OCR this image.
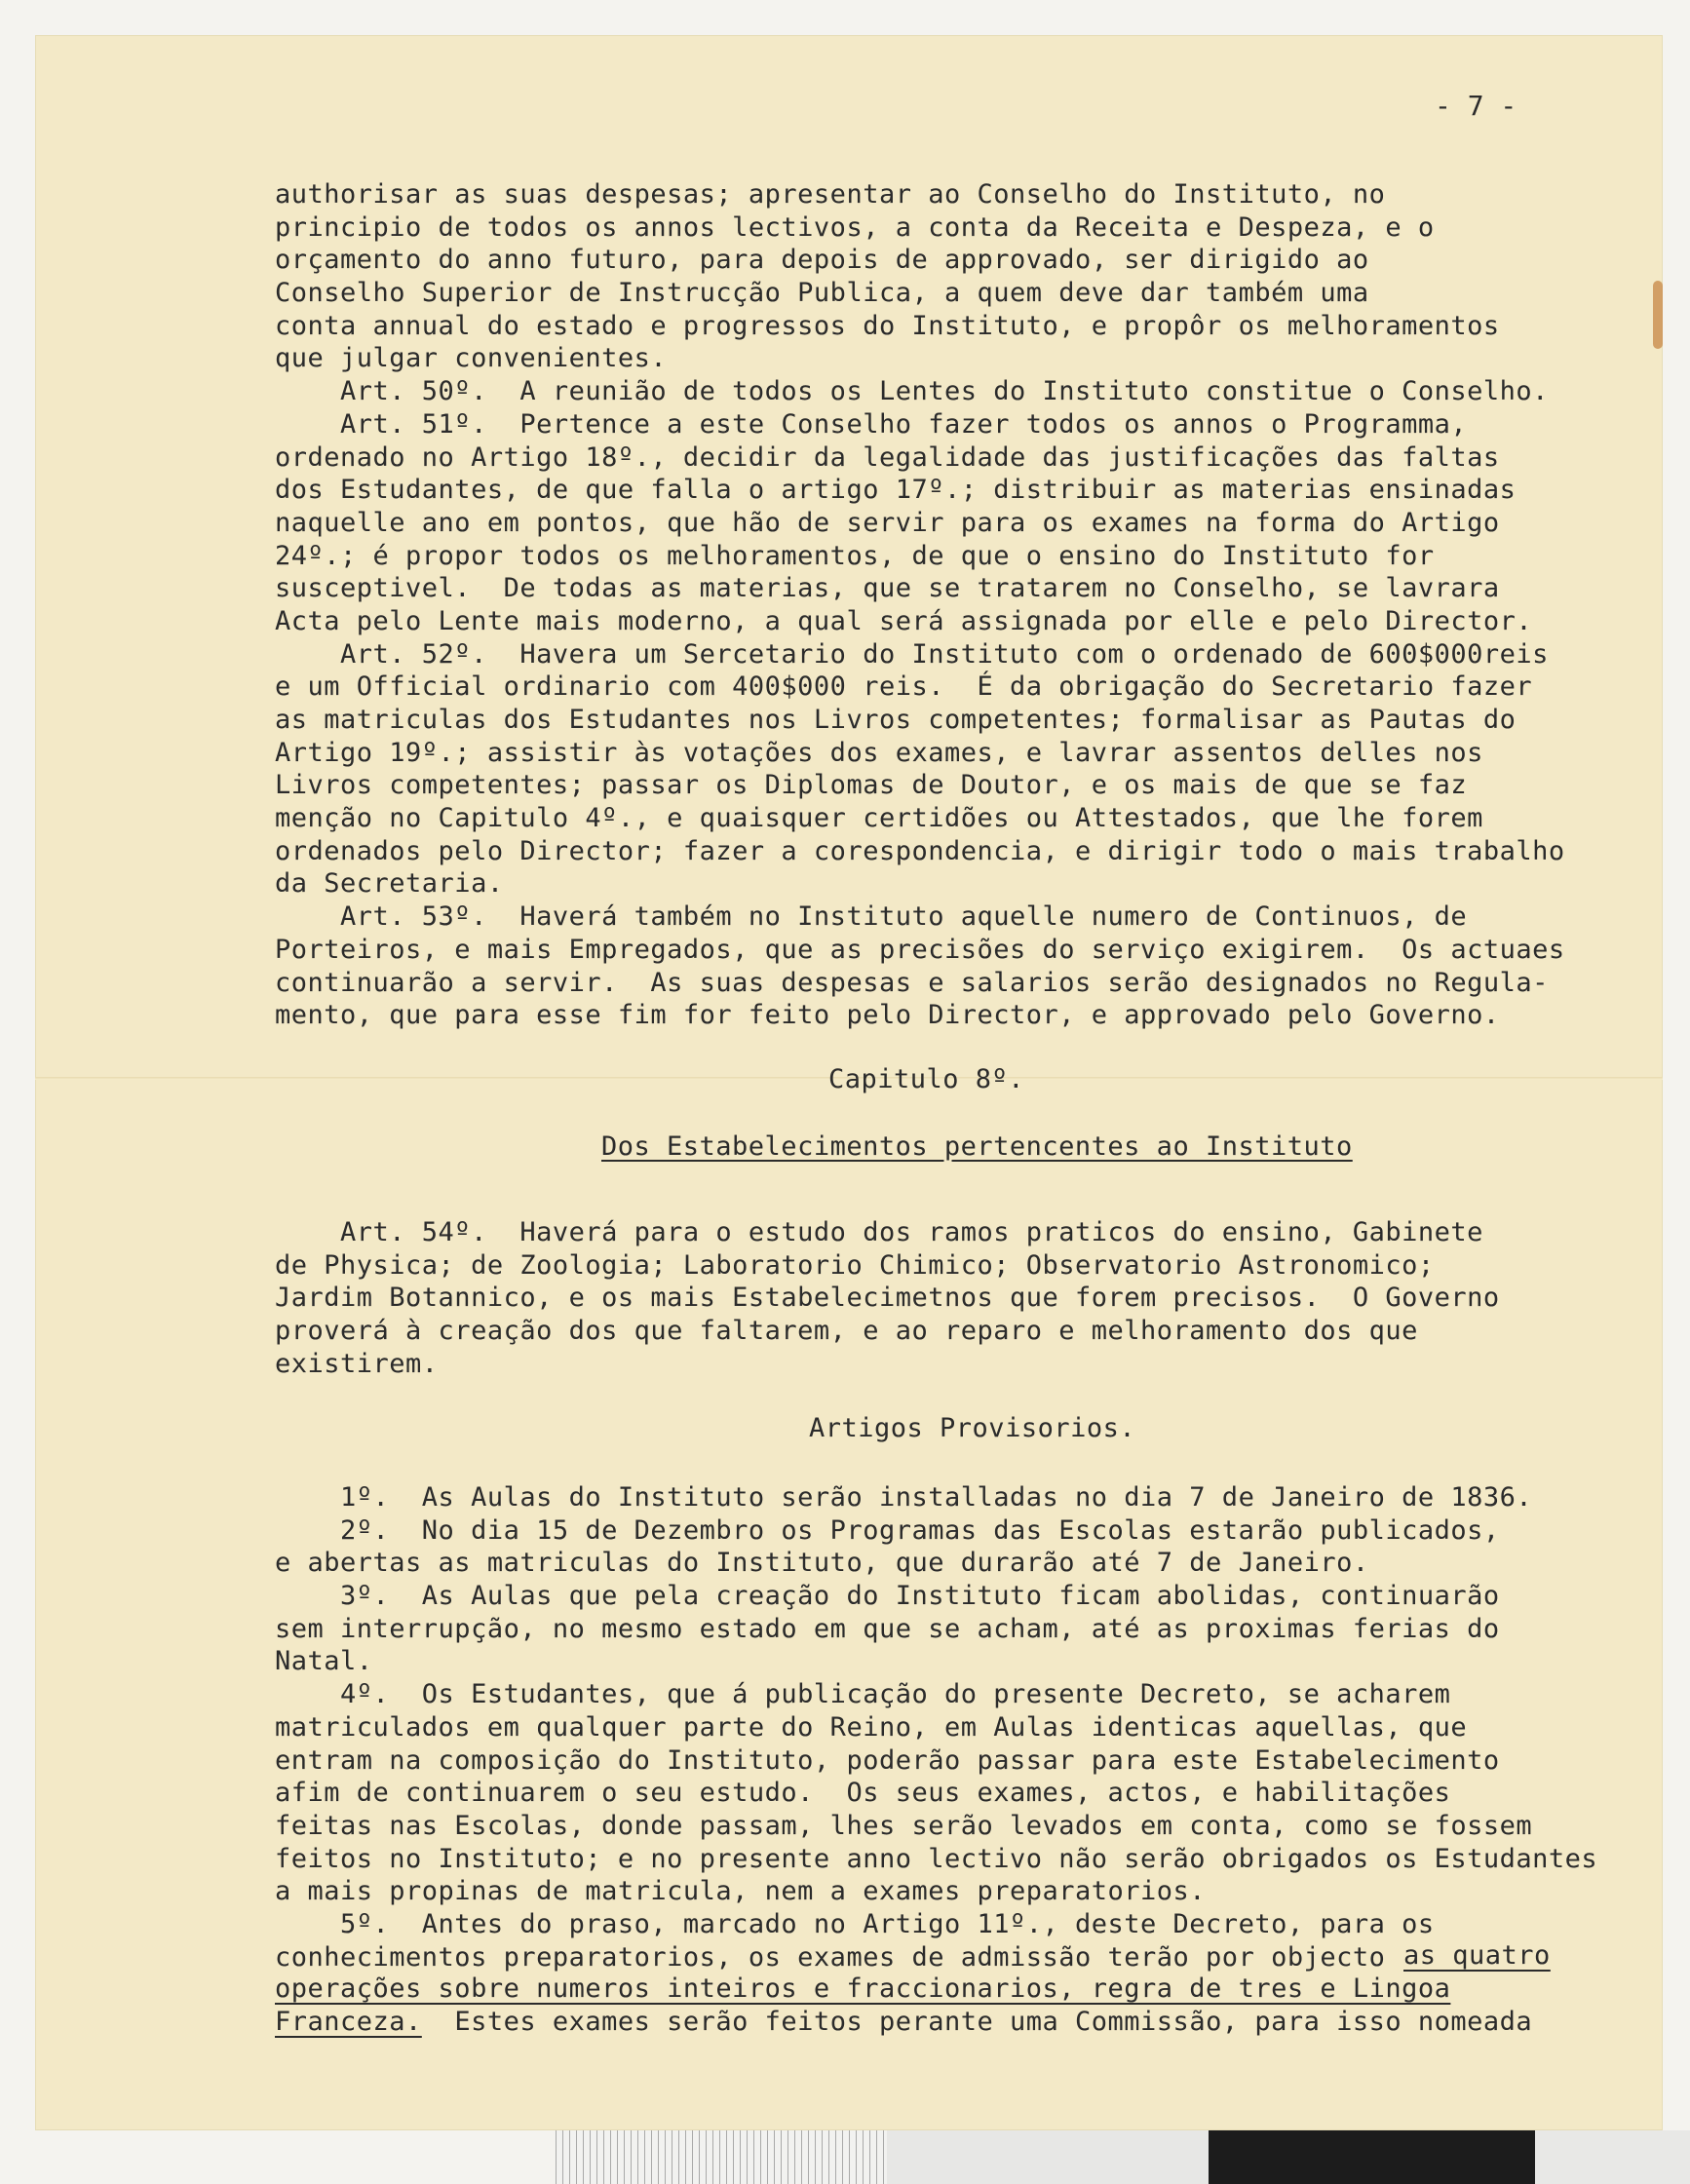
- 7 -
authorisar as suas despesas; apresentar ao Conselho do Instituto, no
principio de todos os annos lectivos, a conta da Receita e Despeza, e o
orçamento do anno futuro, para depois de approvado, ser dirigido ao
Conselho Superior de Instrucção Publica, a quem deve dar também uma
conta annual do estado e progressos do Instituto, e propôr os melhoramentos
que julgar convenientes.
Art. 50º.  A reunião de todos os Lentes do Instituto constitue o Conselho.
Art. 51º.  Pertence a este Conselho fazer todos os annos o Programma,
ordenado no Artigo 18º., decidir da legalidade das justificações das faltas
dos Estudantes, de que falla o artigo 17º.; distribuir as materias ensinadas
naquelle ano em pontos, que hão de servir para os exames na forma do Artigo
24º.; é propor todos os melhoramentos, de que o ensino do Instituto for
susceptivel.  De todas as materias, que se tratarem no Conselho, se lavrara
Acta pelo Lente mais moderno, a qual será assignada por elle e pelo Director.
Art. 52º.  Havera um Sercetario do Instituto com o ordenado de 600$000reis
e um Official ordinario com 400$000 reis.  É da obrigação do Secretario fazer
as matriculas dos Estudantes nos Livros competentes; formalisar as Pautas do
Artigo 19º.; assistir às votações dos exames, e lavrar assentos delles nos
Livros competentes; passar os Diplomas de Doutor, e os mais de que se faz
menção no Capitulo 4º., e quaisquer certidões ou Attestados, que lhe forem
ordenados pelo Director; fazer a corespondencia, e dirigir todo o mais trabalho
da Secretaria.
Art. 53º.  Haverá também no Instituto aquelle numero de Continuos, de
Porteiros, e mais Empregados, que as precisões do serviço exigirem.  Os actuaes
continuarão a servir.  As suas despesas e salarios serão designados no Regula-
mento, que para esse fim for feito pelo Director, e approvado pelo Governo.
Capitulo 8º.
Dos Estabelecimentos pertencentes ao Instituto
Art. 54º.  Haverá para o estudo dos ramos praticos do ensino, Gabinete
de Physica; de Zoologia; Laboratorio Chimico; Observatorio Astronomico;
Jardim Botannico, e os mais Estabelecimetnos que forem precisos.  O Governo
proverá à creação dos que faltarem, e ao reparo e melhoramento dos que
existirem.
Artigos Provisorios.
1º.  As Aulas do Instituto serão installadas no dia 7 de Janeiro de 1836.
2º.  No dia 15 de Dezembro os Programas das Escolas estarão publicados,
e abertas as matriculas do Instituto, que durarão até 7 de Janeiro.
3º.  As Aulas que pela creação do Instituto ficam abolidas, continuarão
sem interrupção, no mesmo estado em que se acham, até as proximas ferias do
Natal.
4º.  Os Estudantes, que á publicação do presente Decreto, se acharem
matriculados em qualquer parte do Reino, em Aulas identicas aquellas, que
entram na composição do Instituto, poderão passar para este Estabelecimento
afim de continuarem o seu estudo.  Os seus exames, actos, e habilitações
feitas nas Escolas, donde passam, lhes serão levados em conta, como se fossem
feitos no Instituto; e no presente anno lectivo não serão obrigados os Estudantes
a mais propinas de matricula, nem a exames preparatorios.
5º.  Antes do praso, marcado no Artigo 11º., deste Decreto, para os
conhecimentos preparatorios, os exames de admissão terão por objecto as quatro
operações sobre numeros inteiros e fraccionarios, regra de tres e Lingoa
Franceza.  Estes exames serão feitos perante uma Commissão, para isso nomeada
